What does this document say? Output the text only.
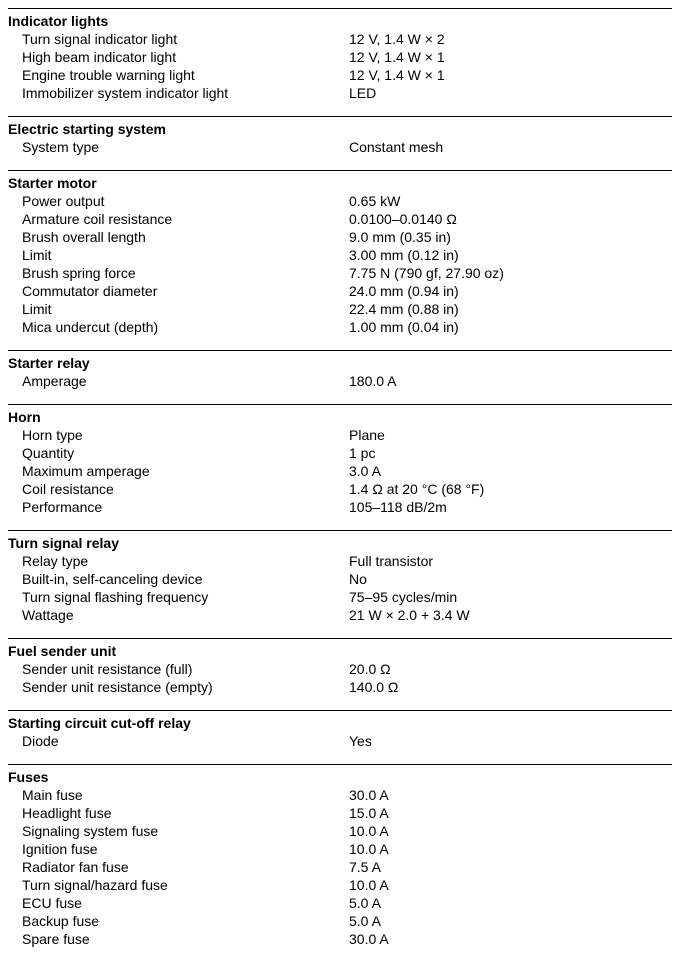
Indicator lights
Turn signal indicator light	12 V, 1.4 W × 2
High beam indicator light	12 V, 1.4 W × 1
Engine trouble warning light	12 V, 1.4 W × 1
Immobilizer system indicator light	LED
Electric starting system
System type	Constant mesh
Starter motor
Power output	0.65 kW
Armature coil resistance	0.0100–0.0140 Ω
Brush overall length	9.0 mm (0.35 in)
Limit	3.00 mm (0.12 in)
Brush spring force	7.75 N (790 gf, 27.90 oz)
Commutator diameter	24.0 mm (0.94 in)
Limit	22.4 mm (0.88 in)
Mica undercut (depth)	1.00 mm (0.04 in)
Starter relay
Amperage	180.0 A
Horn
Horn type	Plane
Quantity	1 pc
Maximum amperage	3.0 A
Coil resistance	1.4 Ω at 20 °C (68 °F)
Performance	105–118 dB/2m
Turn signal relay
Relay type	Full transistor
Built-in, self-canceling device	No
Turn signal flashing frequency	75–95 cycles/min
Wattage	21 W × 2.0 + 3.4 W
Fuel sender unit
Sender unit resistance (full)	20.0 Ω
Sender unit resistance (empty)	140.0 Ω
Starting circuit cut-off relay
Diode	Yes
Fuses
Main fuse	30.0 A
Headlight fuse	15.0 A
Signaling system fuse	10.0 A
Ignition fuse	10.0 A
Radiator fan fuse	7.5 A
Turn signal/hazard fuse	10.0 A
ECU fuse	5.0 A
Backup fuse	5.0 A
Spare fuse	30.0 A
